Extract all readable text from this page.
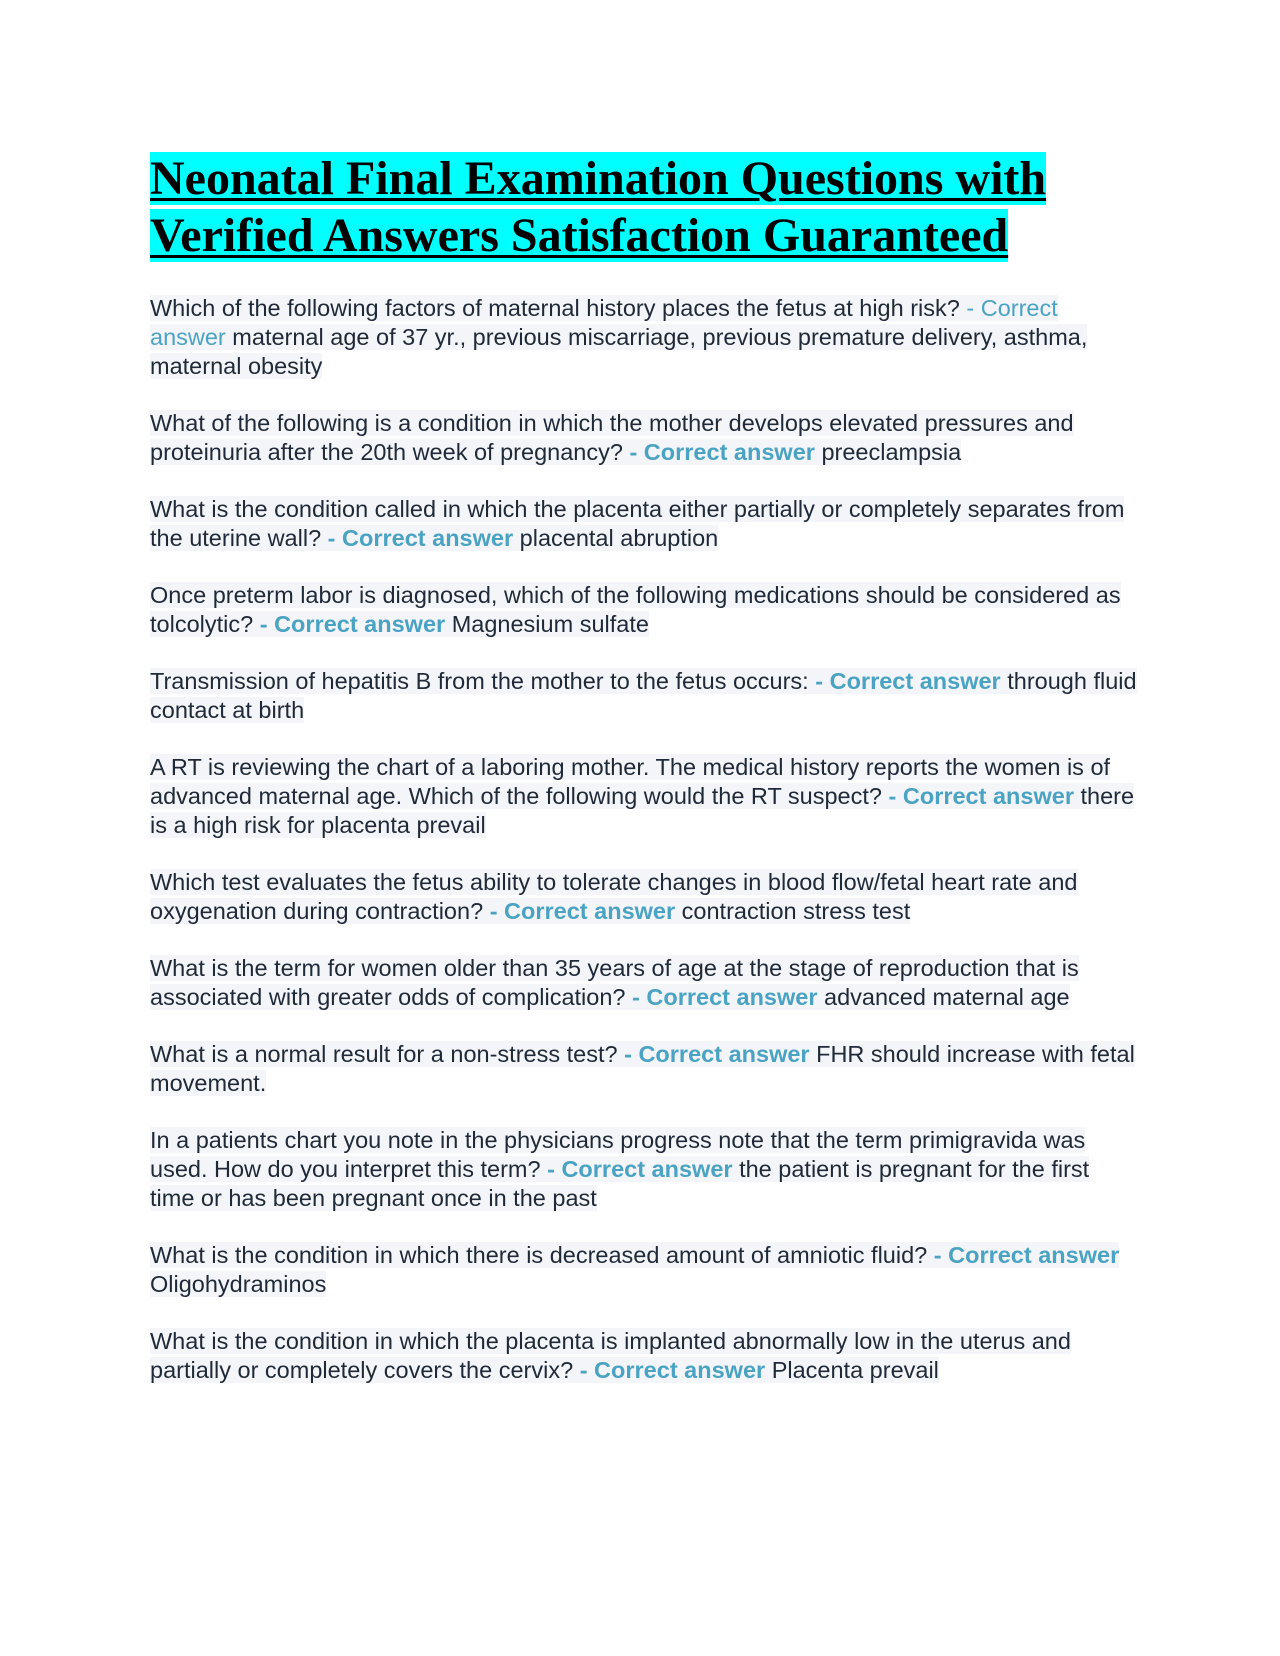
Neonatal Final Examination Questions with Verified Answers Satisfaction Guaranteed

Which of the following factors of maternal history places the fetus at high risk? - Correct answer maternal age of 37 yr., previous miscarriage, previous premature delivery, asthma, maternal obesity

What of the following is a condition in which the mother develops elevated pressures and proteinuria after the 20th week of pregnancy? - Correct answer preeclampsia

What is the condition called in which the placenta either partially or completely separates from the uterine wall? - Correct answer placental abruption

Once preterm labor is diagnosed, which of the following medications should be considered as tolcolytic? - Correct answer Magnesium sulfate

Transmission of hepatitis B from the mother to the fetus occurs: - Correct answer through fluid contact at birth

A RT is reviewing the chart of a laboring mother. The medical history reports the women is of advanced maternal age. Which of the following would the RT suspect? - Correct answer there is a high risk for placenta prevail

Which test evaluates the fetus ability to tolerate changes in blood flow/fetal heart rate and oxygenation during contraction? - Correct answer contraction stress test

What is the term for women older than 35 years of age at the stage of reproduction that is associated with greater odds of complication? - Correct answer advanced maternal age

What is a normal result for a non-stress test? - Correct answer FHR should increase with fetal movement.

In a patients chart you note in the physicians progress note that the term primigravida was used. How do you interpret this term? - Correct answer the patient is pregnant for the first time or has been pregnant once in the past

What is the condition in which there is decreased amount of amniotic fluid? - Correct answer Oligohydraminos

What is the condition in which the placenta is implanted abnormally low in the uterus and partially or completely covers the cervix? - Correct answer Placenta prevail
